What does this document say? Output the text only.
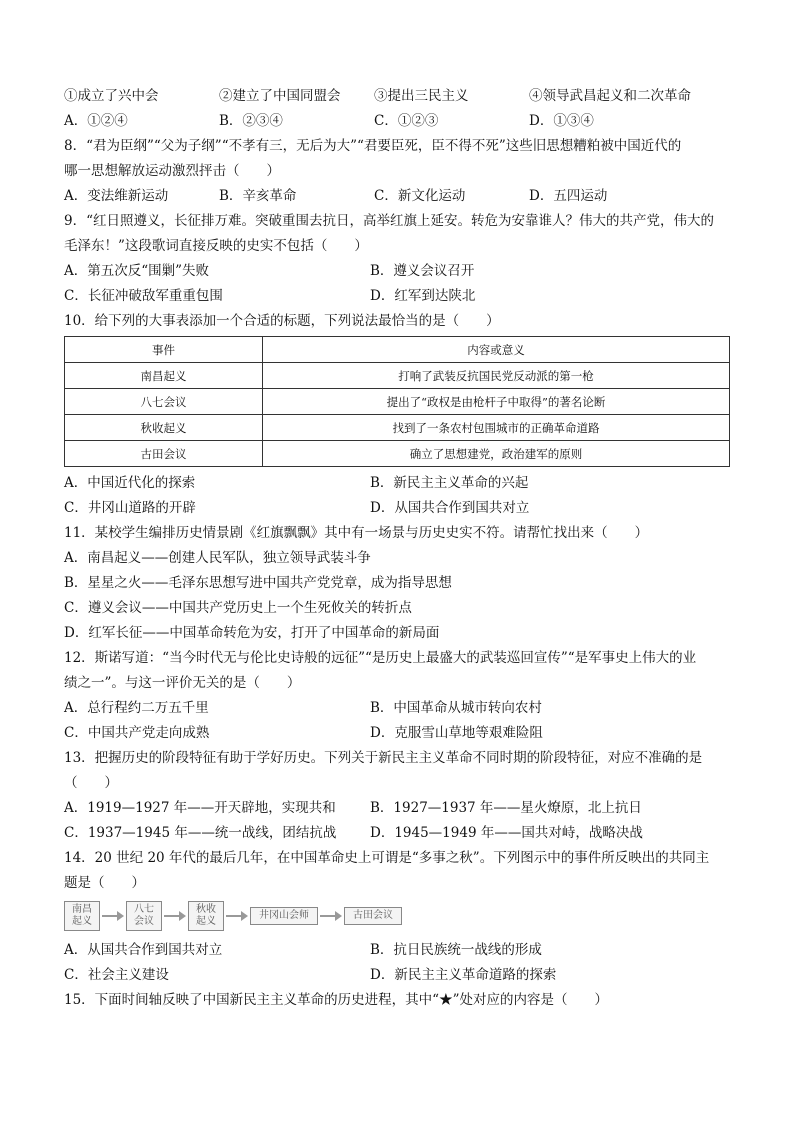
①成立了兴中会	②建立了中国同盟会	③提出三民主义	④领导武昌起义和二次革命
A．①②④	B．②③④	C．①②③	D．①③④
8．“君为臣纲”“父为子纲”“不孝有三，无后为大”“君要臣死，臣不得不死”这些旧思想糟粕被中国近代的
哪一思想解放运动激烈抨击（　　）
A．变法维新运动	B．辛亥革命	C．新文化运动	D．五四运动
9．“红日照遵义，长征排万难。突破重围去抗日，高举红旗上延安。转危为安靠谁人？伟大的共产党，伟大的
毛泽东！”这段歌词直接反映的史实不包括（　　）
A．第五次反“围剿”失败	B．遵义会议召开
C．长征冲破敌军重重包围	D．红军到达陕北
10．给下列的大事表添加一个合适的标题，下列说法最恰当的是（　　）
事件	内容或意义
南昌起义	打响了武装反抗国民党反动派的第一枪
八七会议	提出了“政权是由枪杆子中取得”的著名论断
秋收起义	找到了一条农村包围城市的正确革命道路
古田会议	确立了思想建党，政治建军的原则
A．中国近代化的探索	B．新民主主义革命的兴起
C．井冈山道路的开辟	D．从国共合作到国共对立
11．某校学生编排历史情景剧《红旗飘飘》其中有一场景与历史史实不符。请帮忙找出来（　　）
A．南昌起义——创建人民军队，独立领导武装斗争
B．星星之火——毛泽东思想写进中国共产党党章，成为指导思想
C．遵义会议——中国共产党历史上一个生死攸关的转折点
D．红军长征——中国革命转危为安，打开了中国革命的新局面
12．斯诺写道：“当今时代无与伦比史诗般的远征”“是历史上最盛大的武装巡回宣传”“是军事史上伟大的业
绩之一”。与这一评价无关的是（　　）
A．总行程约二万五千里	B．中国革命从城市转向农村
C．中国共产党走向成熟	D．克服雪山草地等艰难险阻
13．把握历史的阶段特征有助于学好历史。下列关于新民主主义革命不同时期的阶段特征，对应不准确的是
（　　）
A．1919—1927 年——开天辟地，实现共和	B．1927—1937 年——星火燎原，北上抗日
C．1937—1945 年——统一战线，团结抗战	D．1945—1949 年——国共对峙，战略决战
14．20 世纪 20 年代的最后几年，在中国革命史上可谓是“多事之秋”。下列图示中的事件所反映出的共同主
题是（　　）
南昌起义
八七会议
秋收起义
井冈山会师	古田会议
A．从国共合作到国共对立	B．抗日民族统一战线的形成
C．社会主义建设	D．新民主主义革命道路的探索
15．下面时间轴反映了中国新民主主义革命的历史进程，其中“★”处对应的内容是（　　）
